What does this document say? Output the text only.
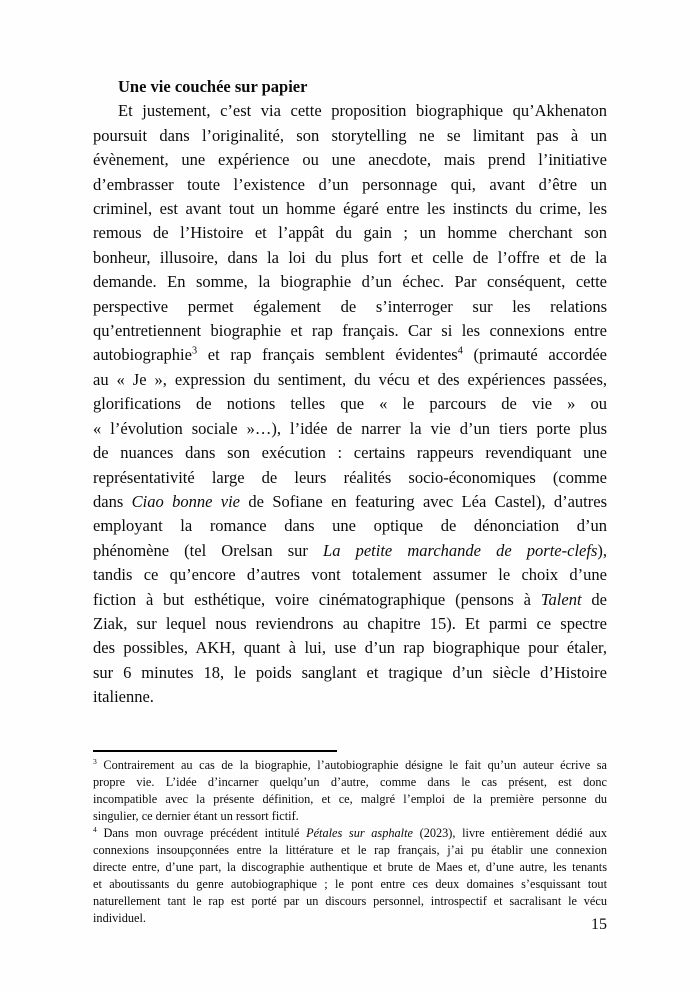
Une vie couchée sur papier
Et justement, c’est via cette proposition biographique qu’Akhenaton
poursuit dans l’originalité, son storytelling ne se limitant pas à un
évènement, une expérience ou une anecdote, mais prend l’initiative
d’embrasser toute l’existence d’un personnage qui, avant d’être un
criminel, est avant tout un homme égaré entre les instincts du crime, les
remous de l’Histoire et l’appât du gain ; un homme cherchant son
bonheur, illusoire, dans la loi du plus fort et celle de l’offre et de la
demande. En somme, la biographie d’un échec. Par conséquent, cette
perspective permet également de s’interroger sur les relations
qu’entretiennent biographie et rap français. Car si les connexions entre
autobiographie$^3$ et rap français semblent évidentes$^4$ (primauté accordée
au « Je », expression du sentiment, du vécu et des expériences passées,
glorifications de notions telles que « le parcours de vie » ou
« l’évolution sociale »…), l’idée de narrer la vie d’un tiers porte plus
de nuances dans son exécution : certains rappeurs revendiquant une
représentativité large de leurs réalités socio-économiques (comme
dans Ciao bonne vie de Sofiane en featuring avec Léa Castel), d’autres
employant la romance dans une optique de dénonciation d’un
phénomène (tel Orelsan sur La petite marchande de porte-clefs),
tandis ce qu’encore d’autres vont totalement assumer le choix d’une
fiction à but esthétique, voire cinématographique (pensons à Talent de
Ziak, sur lequel nous reviendrons au chapitre 15). Et parmi ce spectre
des possibles, AKH, quant à lui, use d’un rap biographique pour étaler,
sur 6 minutes 18, le poids sanglant et tragique d’un siècle d’Histoire
italienne.
$^3$ Contrairement au cas de la biographie, l’autobiographie désigne le fait qu’un auteur écrive sa
propre vie. L’idée d’incarner quelqu’un d’autre, comme dans le cas présent, est donc
incompatible avec la présente définition, et ce, malgré l’emploi de la première personne du
singulier, ce dernier étant un ressort fictif.
$^4$ Dans mon ouvrage précédent intitulé Pétales sur asphalte (2023), livre entièrement dédié aux
connexions insoupçonnées entre la littérature et le rap français, j’ai pu établir une connexion
directe entre, d’une part, la discographie authentique et brute de Maes et, d’une autre, les tenants
et aboutissants du genre autobiographique ; le pont entre ces deux domaines s’esquissant tout
naturellement tant le rap est porté par un discours personnel, introspectif et sacralisant le vécu
individuel.	15
